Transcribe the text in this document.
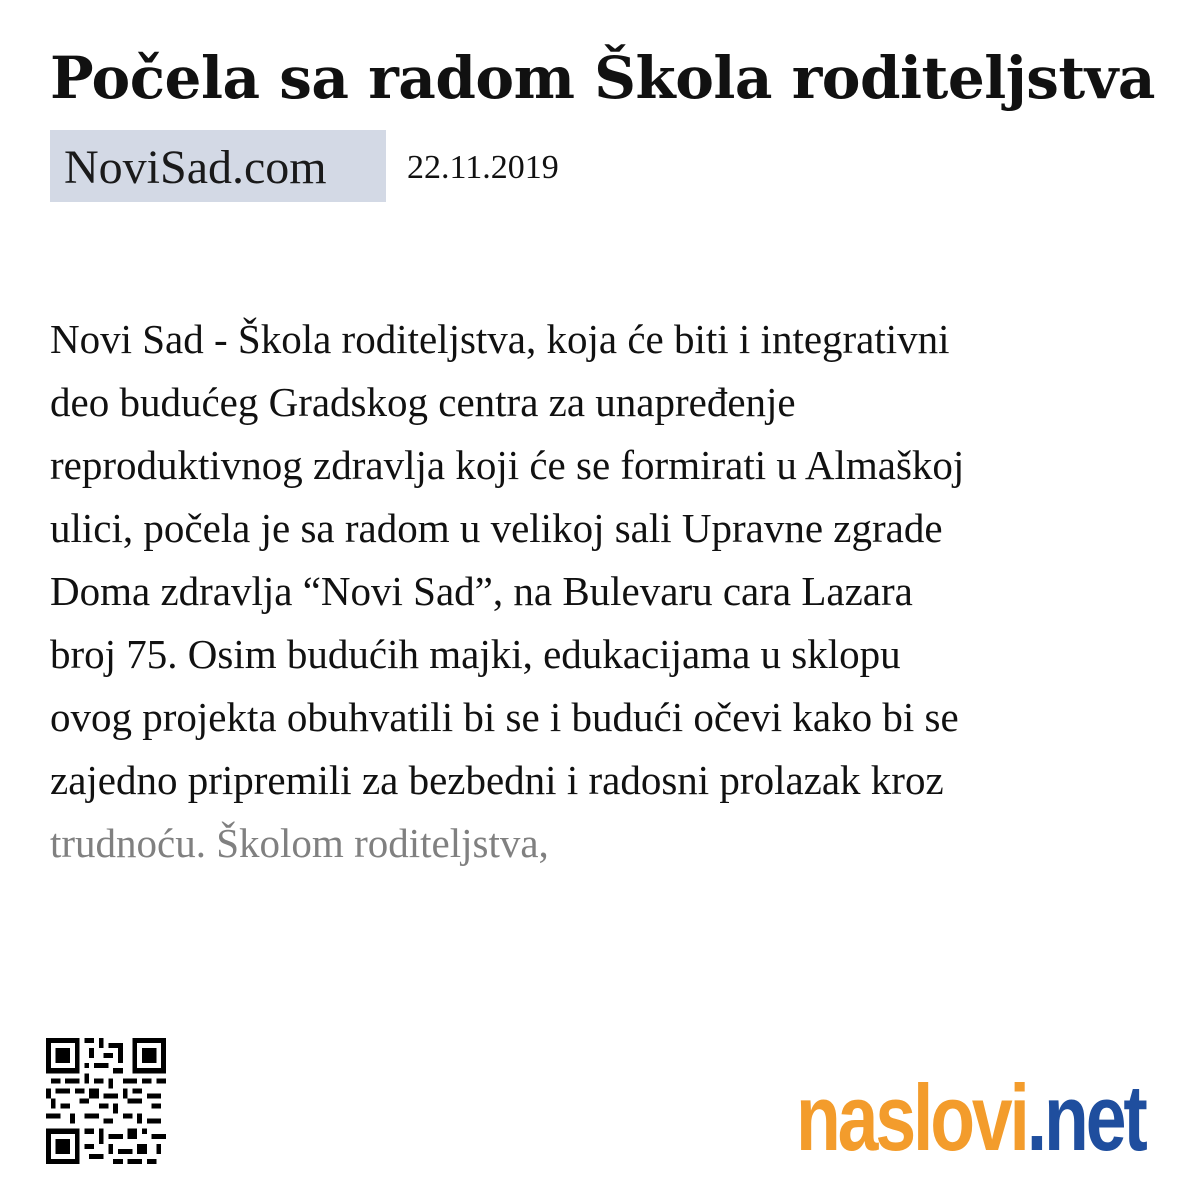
Počela sa radom Škola roditeljstva
NoviSad.com	22.11.2019
Novi Sad - Škola roditeljstva, koja će biti i integrativni
deo budućeg Gradskog centra za unapređenje
reproduktivnog zdravlja koji će se formirati u Almaškoj
ulici, počela je sa radom u velikoj sali Upravne zgrade
Doma zdravlja “Novi Sad”, na Bulevaru cara Lazara
broj 75. Osim budućih majki, edukacijama u sklopu
ovog projekta obuhvatili bi se i budući očevi kako bi se
zajedno pripremili za bezbedni i radosni prolazak kroz
trudnoću. Školom roditeljstva,
naslovi.net
